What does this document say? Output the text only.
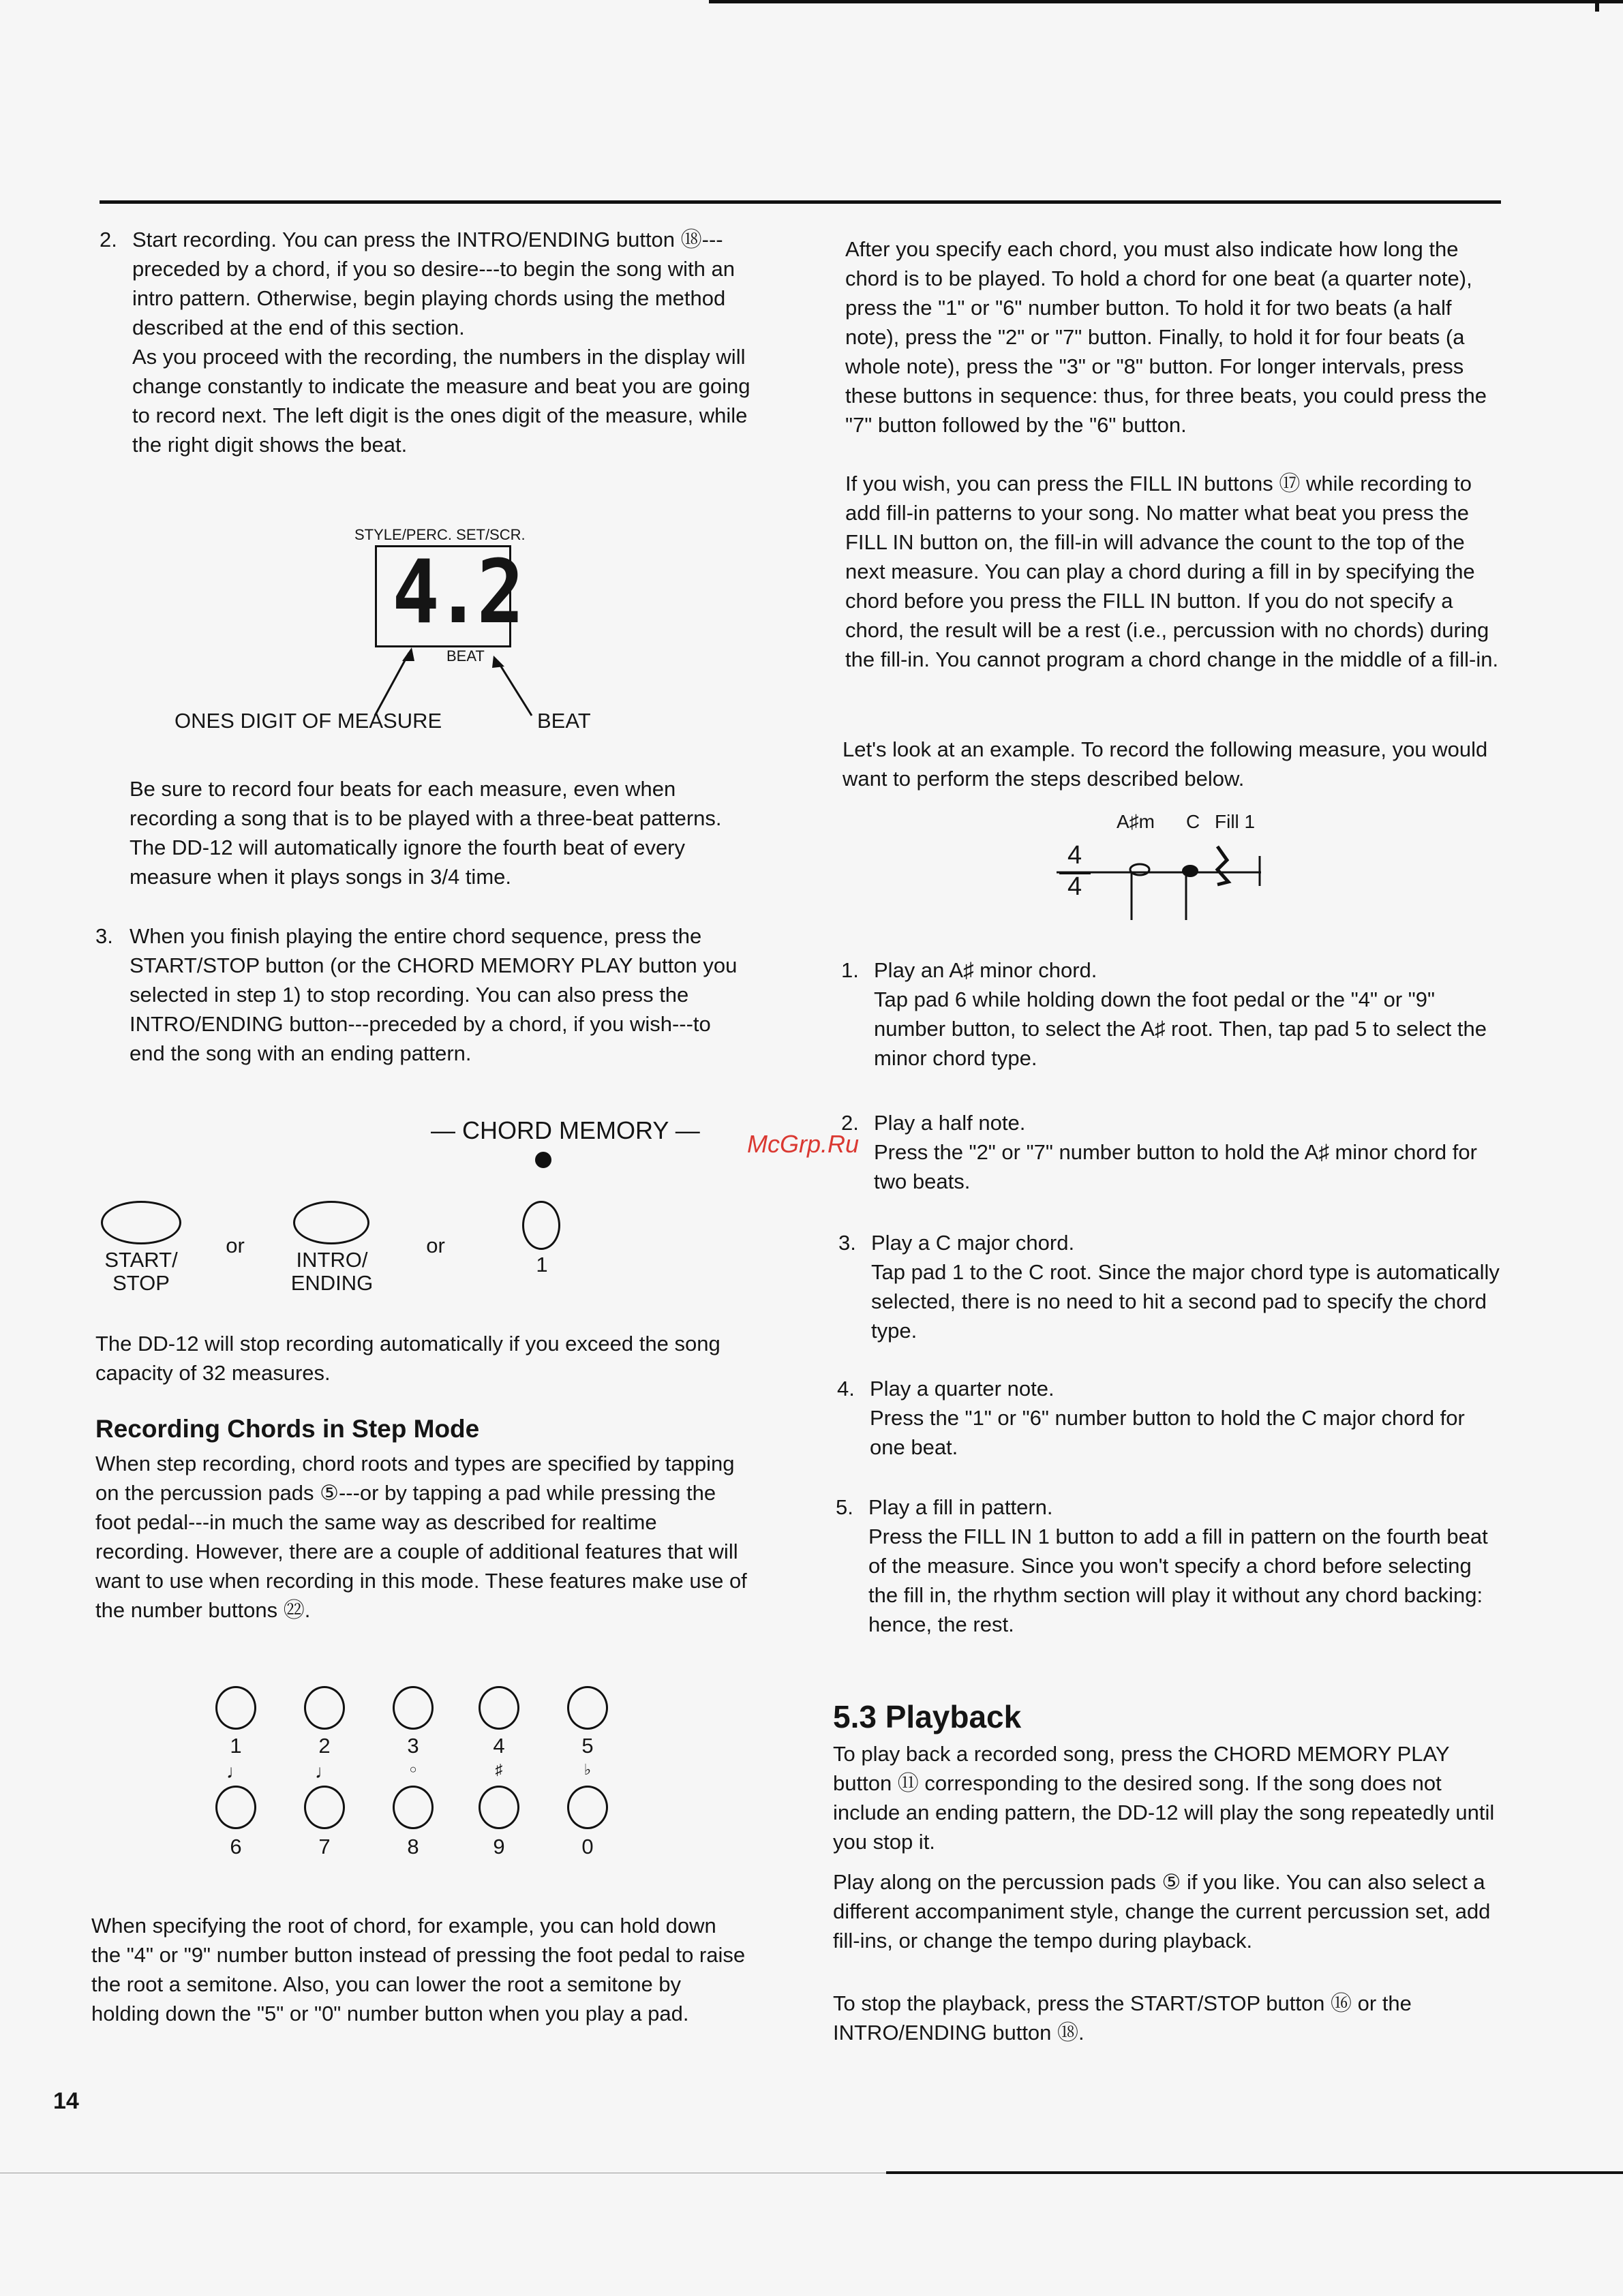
2. Start recording. You can press the INTRO/ENDING button ⑱---preceded by a chord, if you so desire---to begin the song with an intro pattern. Otherwise, begin playing chords using the method described at the end of this section.

As you proceed with the recording, the numbers in the display will change constantly to indicate the measure and beat you are going to record next. The left digit is the ones digit of the measure, while the right digit shows the beat.

STYLE/PERC. SET/SCR.
4.2
BEAT
ONES DIGIT OF MEASURE	BEAT
Be sure to record four beats for each measure, even when recording a song that is to be played with a three-beat patterns. The DD-12 will automatically ignore the fourth beat of every measure when it plays songs in 3/4 time.
3. When you finish playing the entire chord sequence, press the START/STOP button (or the CHORD MEMORY PLAY button you selected in step 1) to stop recording. You can also press the INTRO/ENDING button---preceded by a chord, if you wish---to end the song with an ending pattern.

— CHORD MEMORY —
START/
STOP
or
INTRO/
ENDING
or
1
The DD-12 will stop recording automatically if you exceed the song capacity of 32 measures.
Recording Chords in Step Mode
When step recording, chord roots and types are specified by tapping on the percussion pads ⑤---or by tapping a pad while pressing the foot pedal---in much the same way as described for realtime recording. However, there are a couple of additional features that will want to use when recording in this mode. These features make use of the number buttons ㉒.
1	2	3	4	5
♩	♩	○	♯	♭
6	7	8	9	0
When specifying the root of chord, for example, you can hold down the "4" or "9" number button instead of pressing the foot pedal to raise the root a semitone. Also, you can lower the root a semitone by holding down the "5" or "0" number button when you play a pad.
14
After you specify each chord, you must also indicate how long the chord is to be played. To hold a chord for one beat (a quarter note), press the "1" or "6" number button. To hold it for two beats (a half note), press the "2" or "7" button. Finally, to hold it for four beats (a whole note), press the "3" or "8" button. For longer intervals, press these buttons in sequence: thus, for three beats, you could press the "7" button followed by the "6" button.
If you wish, you can press the FILL IN buttons ⑰ while recording to add fill-in patterns to your song. No matter what beat you press the FILL IN button on, the fill-in will advance the count to the top of the next measure. You can play a chord during a fill in by specifying the chord before you press the FILL IN button. If you do not specify a chord, the result will be a rest (i.e., percussion with no chords) during the fill-in. You cannot program a chord change in the middle of a fill-in.
Let's look at an example. To record the following measure, you would want to perform the steps described below.
A♯m C Fill 1
4
4
1. Play an A♯ minor chord.

Tap pad 6 while holding down the foot pedal or the "4" or "9" number button, to select the A♯ root. Then, tap pad 5 to select the minor chord type.

2. Play a half note.

Press the "2" or "7" number button to hold the A♯ minor chord for two beats.

3. Play a C major chord.

Tap pad 1 to the C root. Since the major chord type is automatically selected, there is no need to hit a second pad to specify the chord type.

4. Play a quarter note.

Press the "1" or "6" number button to hold the C major chord for one beat.

5. Play a fill in pattern.

Press the FILL IN 1 button to add a fill in pattern on the fourth beat of the measure. Since you won't specify a chord before selecting the fill in, the rhythm section will play it without any chord backing: hence, the rest.

5.3 Playback
To play back a recorded song, press the CHORD MEMORY PLAY button ⑪ corresponding to the desired song. If the song does not include an ending pattern, the DD-12 will play the song repeatedly until you stop it.
Play along on the percussion pads ⑤ if you like. You can also select a different accompaniment style, change the current percussion set, add fill-ins, or change the tempo during playback.
To stop the playback, press the START/STOP button ⑯ or the INTRO/ENDING button ⑱.
McGrp.Ru
